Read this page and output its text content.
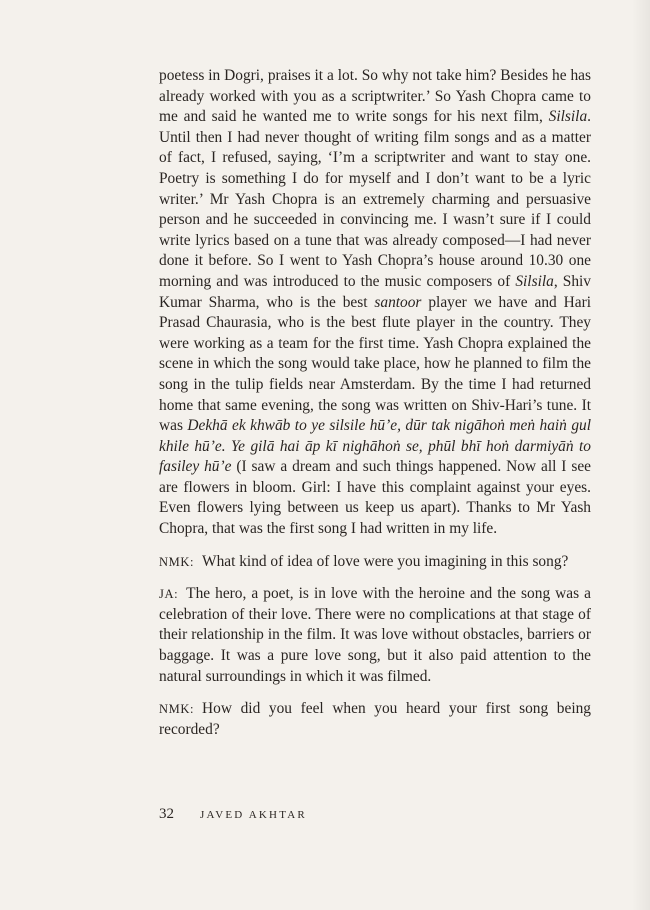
poetess in Dogri, praises it a lot. So why not take him? Besides he has already worked with you as a scriptwriter.’ So Yash Chopra came to me and said he wanted me to write songs for his next film, Silsila. Until then I had never thought of writing film songs and as a matter of fact, I refused, saying, ‘I’m a scriptwriter and want to stay one. Poetry is something I do for myself and I don’t want to be a lyric writer.’ Mr Yash Chopra is an extremely charming and persuasive person and he succeeded in convincing me. I wasn’t sure if I could write lyrics based on a tune that was already composed—I had never done it before. So I went to Yash Chopra’s house around 10.30 one morning and was introduced to the music composers of Silsila, Shiv Kumar Sharma, who is the best santoor player we have and Hari Prasad Chaurasia, who is the best flute player in the country. They were working as a team for the first time. Yash Chopra explained the scene in which the song would take place, how he planned to film the song in the tulip fields near Amsterdam. By the time I had returned home that same evening, the song was written on Shiv-Hari’s tune. It was Dekhā ek khwāb to ye silsile hū’e, dūr tak nigāhoṅ meṅ haiṅ gul khile hū’e. Ye gilā hai āp kī nighāhoṅ se, phūl bhī hoṅ darmiyāṅ to fasiley hū’e (I saw a dream and such things happened. Now all I see are flowers in bloom. Girl: I have this complaint against your eyes. Even flowers lying between us keep us apart). Thanks to Mr Yash Chopra, that was the first song I had written in my life.

NMK: What kind of idea of love were you imagining in this song?

JA: The hero, a poet, is in love with the heroine and the song was a celebration of their love. There were no complications at that stage of their relationship in the film. It was love without obstacles, barriers or baggage. It was a pure love song, but it also paid attention to the natural surroundings in which it was filmed.

NMK: How did you feel when you heard your first song being recorded?

32 JAVED AKHTAR
